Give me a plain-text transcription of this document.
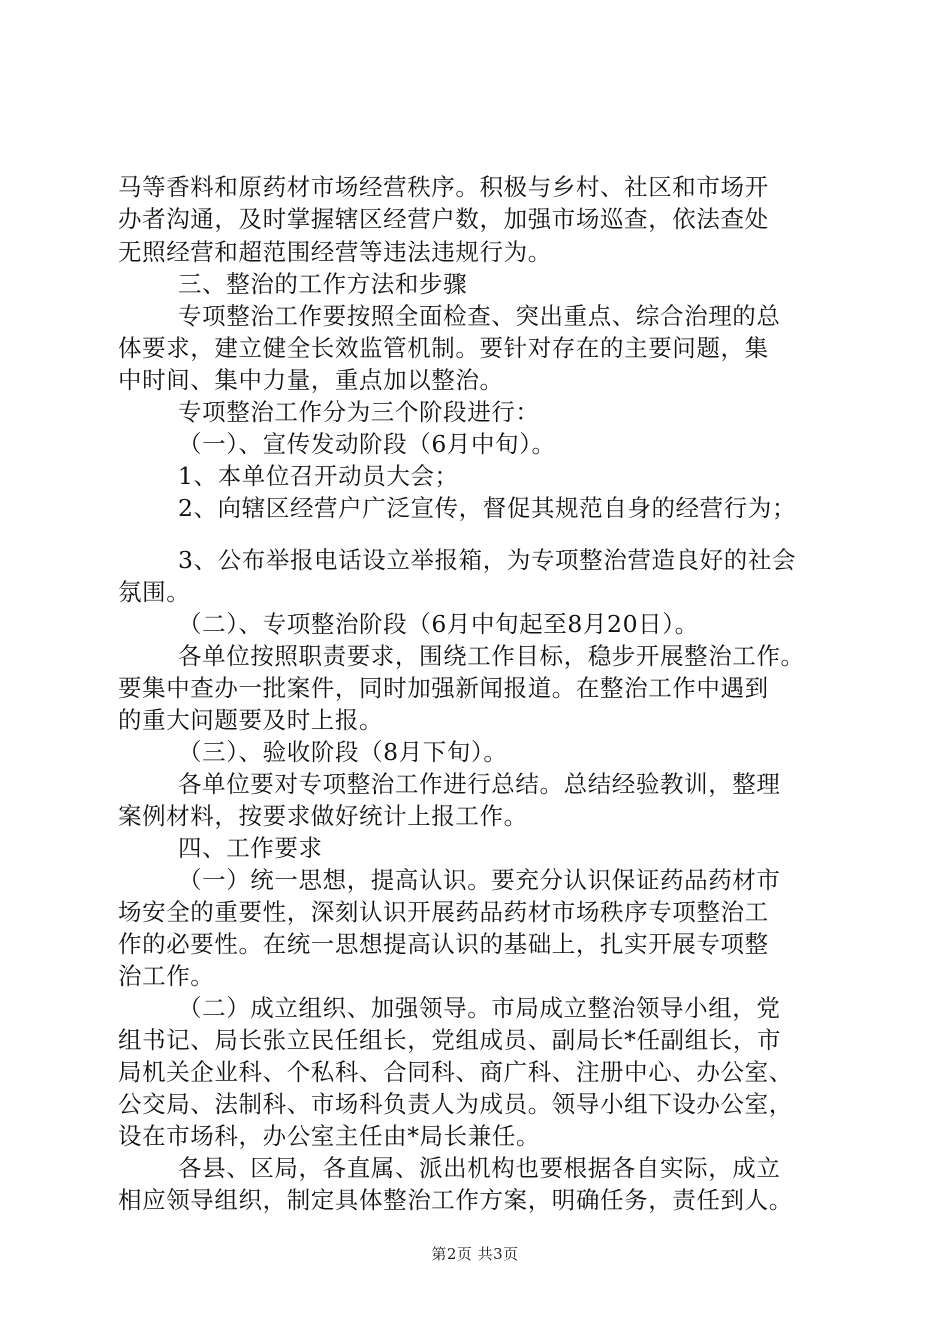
马等香料和原药材市场经营秩序。积极与乡村、社区和市场开
办者沟通，及时掌握辖区经营户数，加强市场巡查，依法查处
无照经营和超范围经营等违法违规行为。
三、整治的工作方法和步骤
专项整治工作要按照全面检查、突出重点、综合治理的总
体要求，建立健全长效监管机制。要针对存在的主要问题，集
中时间、集中力量，重点加以整治。
专项整治工作分为三个阶段进行：
（一）、宣传发动阶段（6月中旬）。
1、本单位召开动员大会；
2、向辖区经营户广泛宣传，督促其规范自身的经营行为；
3、公布举报电话设立举报箱，为专项整治营造良好的社会
氛围。
（二）、专项整治阶段（6月中旬起至8月20日）。
各单位按照职责要求，围绕工作目标，稳步开展整治工作。
要集中查办一批案件，同时加强新闻报道。在整治工作中遇到
的重大问题要及时上报。
（三）、验收阶段（8月下旬）。
各单位要对专项整治工作进行总结。总结经验教训，整理
案例材料，按要求做好统计上报工作。
四、工作要求
（一）统一思想，提高认识。要充分认识保证药品药材市
场安全的重要性，深刻认识开展药品药材市场秩序专项整治工
作的必要性。在统一思想提高认识的基础上，扎实开展专项整
治工作。
（二）成立组织、加强领导。市局成立整治领导小组，党
组书记、局长张立民任组长，党组成员、副局长*任副组长，市
局机关企业科、个私科、合同科、商广科、注册中心、办公室、
公交局、法制科、市场科负责人为成员。领导小组下设办公室，
设在市场科，办公室主任由*局长兼任。
各县、区局，各直属、派出机构也要根据各自实际，成立
相应领导组织，制定具体整治工作方案，明确任务，责任到人。
第2页 共3页
